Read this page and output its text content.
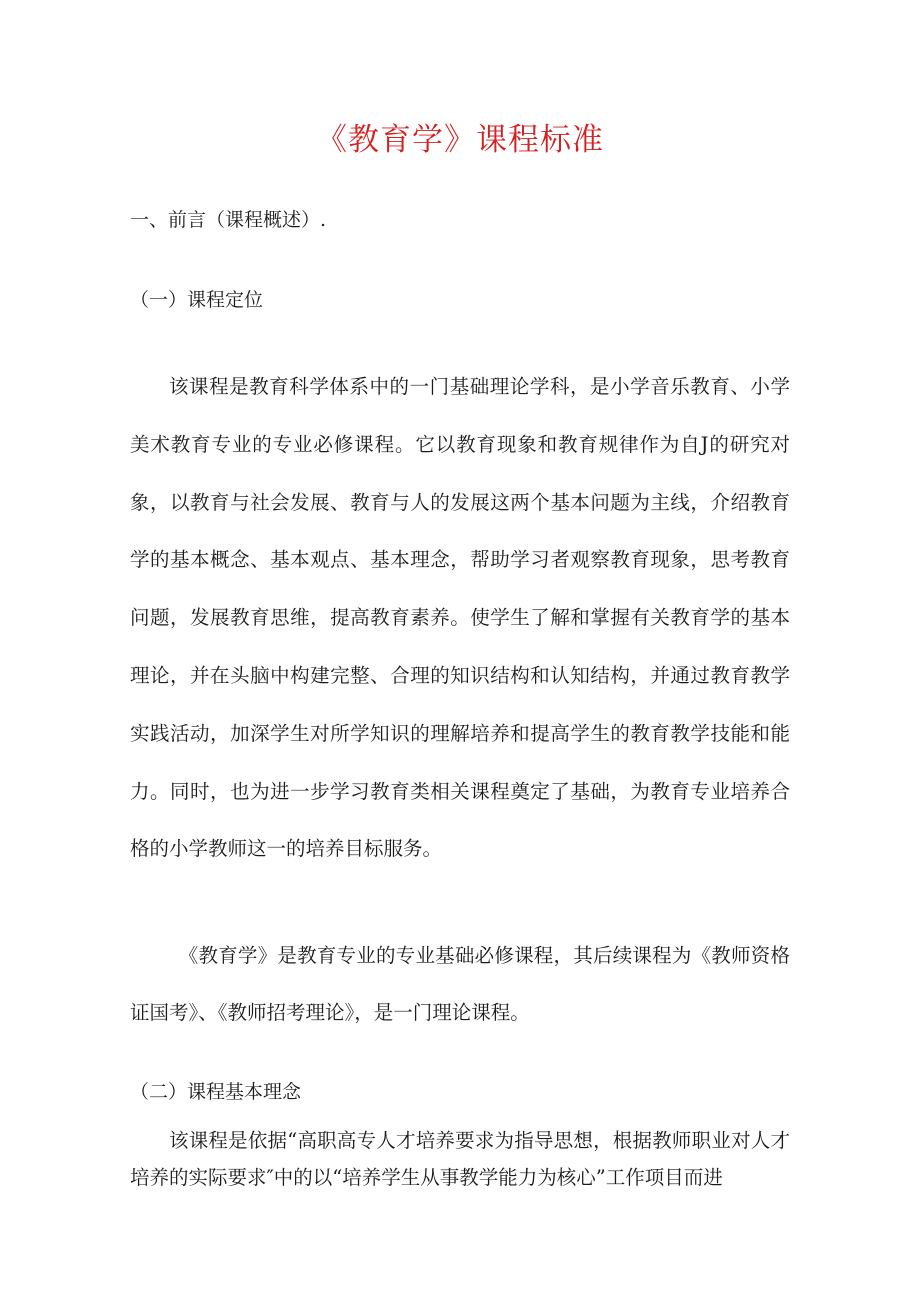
《教育学》课程标准
一、前言（课程概述）.
（一）课程定位

该课程是教育科学体系中的一门基础理论学科，是小学音乐教育、小学美术教育专业的专业必修课程。它以教育现象和教育规律作为自J的研究对象，以教育与社会发展、教育与人的发展这两个基本问题为主线，介绍教育学的基本概念、基本观点、基本理念，帮助学习者观察教育现象，思考教育问题，发展教育思维，提高教育素养。使学生了解和掌握有关教育学的基本理论，并在头脑中构建完整、合理的知识结构和认知结构，并通过教育教学实践活动，加深学生对所学知识的理解培养和提高学生的教育教学技能和能力。同时，也为进一步学习教育类相关课程奠定了基础，为教育专业培养合格的小学教师这一的培养目标服务。

《教育学》是教育专业的专业基础必修课程，其后续课程为《教师资格证国考》、《教师招考理论》，是一门理论课程。

（二）课程基本理念

该课程是依据“高职高专人才培养要求为指导思想，根据教师职业对人才培养的实际要求″中的以“培养学生从事教学能力为核心”工作项目而进
